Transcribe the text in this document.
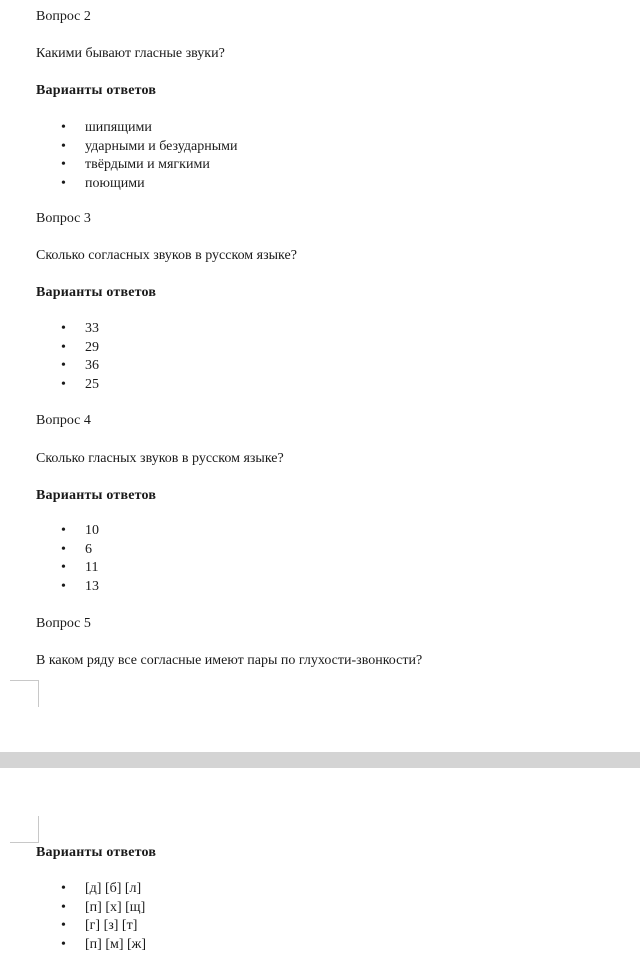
Вопрос 2
Какими бывают гласные звуки?
Варианты ответов
• шипящими
• ударными и безударными
• твёрдыми и мягкими
• поющими
Вопрос 3
Сколько согласных звуков в русском языке?
Варианты ответов
• 33
• 29
• 36
• 25
Вопрос 4
Сколько гласных звуков в русском языке?
Варианты ответов
• 10
• 6
• 11
• 13
Вопрос 5
В каком ряду все согласные имеют пары по глухости-звонкости?
Варианты ответов
• [д] [б] [л]
• [п] [х] [щ]
• [г] [з] [т]
• [п] [м] [ж]
